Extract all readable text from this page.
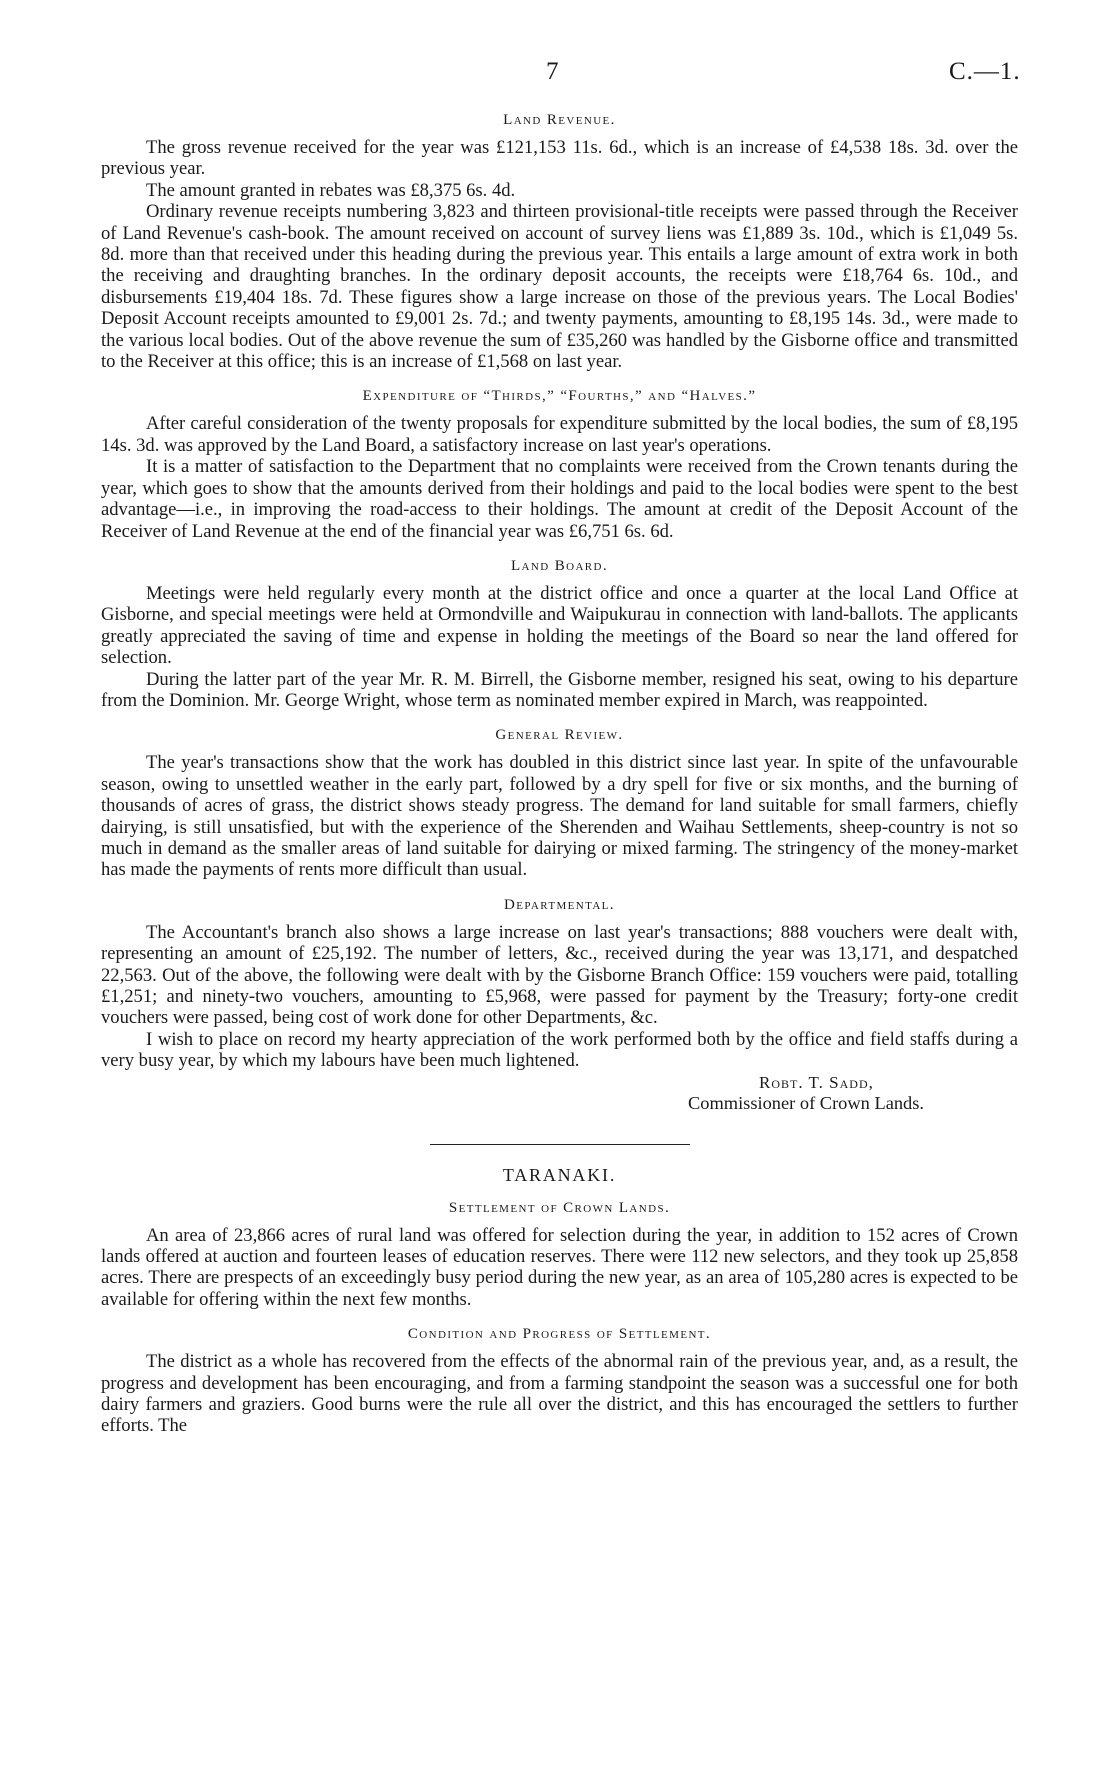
7	C.—1.
Land Revenue.

The gross revenue received for the year was £121,153 11s. 6d., which is an increase of £4,538 18s. 3d. over the previous year.

The amount granted in rebates was £8,375 6s. 4d.

Ordinary revenue receipts numbering 3,823 and thirteen provisional-title receipts were passed through the Receiver of Land Revenue's cash-book. The amount received on account of survey liens was £1,889 3s. 10d., which is £1,049 5s. 8d. more than that received under this heading during the previous year. This entails a large amount of extra work in both the receiving and draughting branches. In the ordinary deposit accounts, the receipts were £18,764 6s. 10d., and disbursements £19,404 18s. 7d. These figures show a large increase on those of the previous years. The Local Bodies' Deposit Account receipts amounted to £9,001 2s. 7d.; and twenty payments, amounting to £8,195 14s. 3d., were made to the various local bodies. Out of the above revenue the sum of £35,260 was handled by the Gisborne office and transmitted to the Receiver at this office; this is an increase of £1,568 on last year.

Expenditure of “Thirds,” “Fourths,” and “Halves.”

After careful consideration of the twenty proposals for expenditure submitted by the local bodies, the sum of £8,195 14s. 3d. was approved by the Land Board, a satisfactory increase on last year's operations.

It is a matter of satisfaction to the Department that no complaints were received from the Crown tenants during the year, which goes to show that the amounts derived from their holdings and paid to the local bodies were spent to the best advantage—i.e., in improving the road-access to their holdings. The amount at credit of the Deposit Account of the Receiver of Land Revenue at the end of the financial year was £6,751 6s. 6d.

Land Board.

Meetings were held regularly every month at the district office and once a quarter at the local Land Office at Gisborne, and special meetings were held at Ormondville and Waipukurau in connection with land-ballots. The applicants greatly appreciated the saving of time and expense in holding the meetings of the Board so near the land offered for selection.

During the latter part of the year Mr. R. M. Birrell, the Gisborne member, resigned his seat, owing to his departure from the Dominion. Mr. George Wright, whose term as nominated member expired in March, was reappointed.

General Review.

The year's transactions show that the work has doubled in this district since last year. In spite of the unfavourable season, owing to unsettled weather in the early part, followed by a dry spell for five or six months, and the burning of thousands of acres of grass, the district shows steady progress. The demand for land suitable for small farmers, chiefly dairying, is still unsatisfied, but with the experience of the Sherenden and Waihau Settlements, sheep-country is not so much in demand as the smaller areas of land suitable for dairying or mixed farming. The stringency of the money-market has made the payments of rents more difficult than usual.

Departmental.

The Accountant's branch also shows a large increase on last year's transactions; 888 vouchers were dealt with, representing an amount of £25,192. The number of letters, &c., received during the year was 13,171, and despatched 22,563. Out of the above, the following were dealt with by the Gisborne Branch Office: 159 vouchers were paid, totalling £1,251; and ninety-two vouchers, amounting to £5,968, were passed for payment by the Treasury; forty-one credit vouchers were passed, being cost of work done for other Departments, &c.

I wish to place on record my hearty appreciation of the work performed both by the office and field staffs during a very busy year, by which my labours have been much lightened.

Robt. T. Sadd,
Commissioner of Crown Lands.
TARANAKI.
Settlement of Crown Lands.

An area of 23,866 acres of rural land was offered for selection during the year, in addition to 152 acres of Crown lands offered at auction and fourteen leases of education reserves. There were 112 new selectors, and they took up 25,858 acres. There are prespects of an exceedingly busy period during the new year, as an area of 105,280 acres is expected to be available for offering within the next few months.

Condition and Progress of Settlement.

The district as a whole has recovered from the effects of the abnormal rain of the previous year, and, as a result, the progress and development has been encouraging, and from a farming standpoint the season was a successful one for both dairy farmers and graziers. Good burns were the rule all over the district, and this has encouraged the settlers to further efforts. The
